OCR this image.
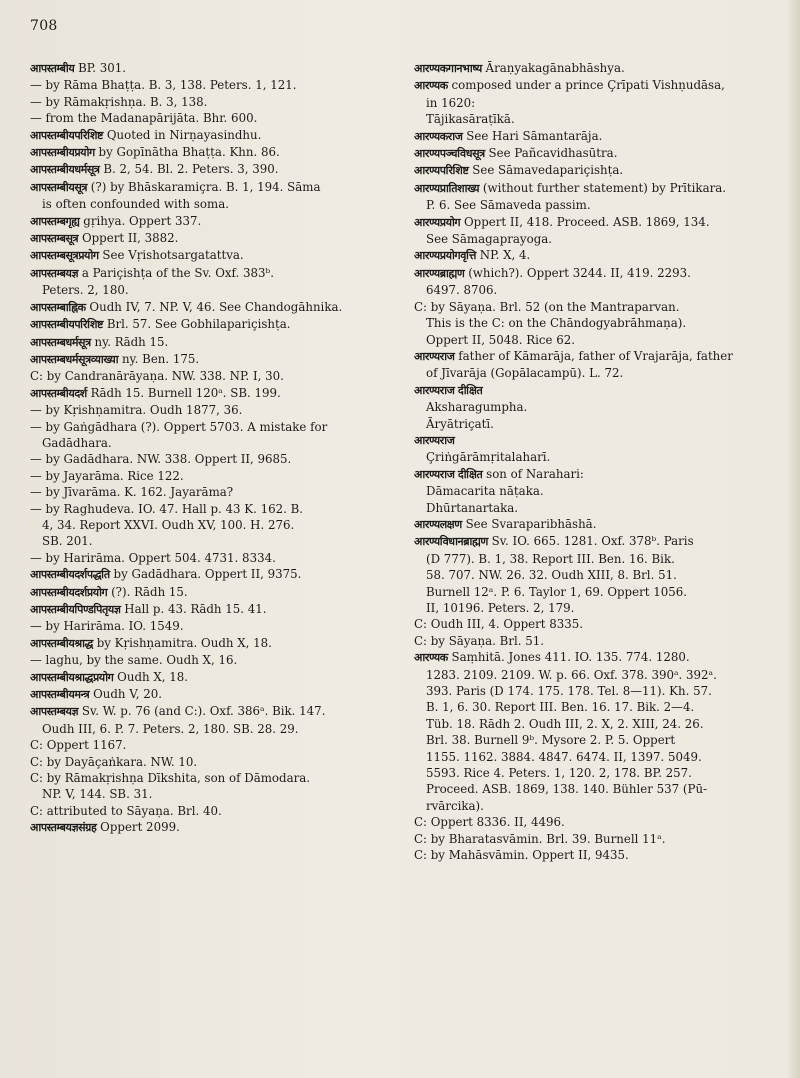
708
आपस्तम्बीय BP. 301.
— by Rāma Bhaṭṭa. B. 3, 138. Peters. 1, 121.
— by Rāmakṛishṇa. B. 3, 138.
— from the Madanapārijāta. Bhr. 600.
आपस्तम्बीयपरिशिष्ट Quoted in Nirṇayasindhu.
आपस्तम्बीयप्रयोग by Gopīnātha Bhaṭṭa. Khn. 86.
आपस्तम्बीयधर्मसूत्र B. 2, 54. Bl. 2. Peters. 3, 390.
आपस्तम्बीयसूत्र (?) by Bhāskaramiçra. B. 1, 194. Sāma
is often confounded with soma.
आपस्तम्बगृह्य gṛihya. Oppert 337.
आपस्तम्बसूत्र Oppert II, 3882.
आपस्तम्बसूत्रप्रयोग See Vṛishotsargatattva.
आपस्तम्बयज्ञ a Pariçishṭa of the Sv. Oxf. 383ᵇ.
Peters. 2, 180.
आपस्तम्बाह्निक Oudh IV, 7. NP. V, 46. See Chandogāhnika.
आपस्तम्बीयपरिशिष्ट Brl. 57. See Gobhilapariçishṭa.
आपस्तम्बधर्मसूत्र ny. Rādh 15.
आपस्तम्बधर्मसूत्रव्याख्या ny. Ben. 175.
C: by Candranārāyaṇa. NW. 338. NP. I, 30.
आपस्तम्बीयदर्श Rādh 15. Burnell 120ᵃ. SB. 199.
— by Kṛishṇamitra. Oudh 1877, 36.
— by Gaṅgādhara (?). Oppert 5703. A mistake for
Gadādhara.
— by Gadādhara. NW. 338. Oppert II, 9685.
— by Jayarāma. Rice 122.
— by Jīvarāma. K. 162. Jayarāma?
— by Raghudeva. IO. 47. Hall p. 43 K. 162. B.
4, 34. Report XXVI. Oudh XV, 100. H. 276.
SB. 201.
— by Harirāma. Oppert 504. 4731. 8334.
आपस्तम्बीयदर्शपद्धति by Gadādhara. Oppert II, 9375.
आपस्तम्बीयदर्शप्रयोग (?). Rādh 15.
आपस्तम्बीयपिण्डपितृयज्ञ Hall p. 43. Rādh 15. 41.
— by Harirāma. IO. 1549.
आपस्तम्बीयश्राद्ध by Kṛishṇamitra. Oudh X, 18.
— laghu, by the same. Oudh X, 16.
आपस्तम्बीयश्राद्धप्रयोग Oudh X, 18.
आपस्तम्बीयमन्त्र Oudh V, 20.
आपस्तम्बयज्ञ Sv. W. p. 76 (and C:). Oxf. 386ᵃ. Bik. 147.
Oudh III, 6. P. 7. Peters. 2, 180. SB. 28. 29.
C: Oppert 1167.
C: by Dayāçaṅkara. NW. 10.
C: by Rāmakṛishṇa Dīkshita, son of Dāmodara.
NP. V, 144. SB. 31.
C: attributed to Sāyaṇa. Brl. 40.
आपस्तम्बयज्ञसंग्रह Oppert 2099.
आरण्यकगानभाष्य Āraṇyakagānabhāshya.
आरण्यक composed under a prince Çrīpati Vishṇudāsa,
in 1620:
Tājikasāraṭīkā.
आरण्यकराज See Hari Sāmantarāja.
आरण्यपञ्चविधसूत्र See Pañcavidhasūtra.
आरण्यपरिशिष्ट See Sāmavedapariçishṭa.
आरण्यप्रातिशाख्य (without further statement) by Prītikara.
P. 6. See Sāmaveda passim.
आरण्यप्रयोग Oppert II, 418. Proceed. ASB. 1869, 134.
See Sāmagaprayoga.
आरण्यप्रयोगवृत्ति NP. X, 4.
आरण्यब्राह्मण (which?). Oppert 3244. II, 419. 2293.
6497. 8706.
C: by Sāyaṇa. Brl. 52 (on the Mantraparvan.
This is the C: on the Chāndogyabrāhmaṇa).
Oppert II, 5048. Rice 62.
आरण्यराज father of Kāmarāja, father of Vrajarāja, father
of Jīvarāja (Gopālacampū). L. 72.
आरण्यराज दीक्षित
Aksharagumpha.
Āryātriçatī.
आरण्यराज
Çriṅgārāmṛitalaharī.
आरण्यराज दीक्षित son of Narahari:
Dāmacarita nāṭaka.
Dhūrtanartaka.
आरण्यलक्षण See Svaraparibhāshā.
आरण्यविधानब्राह्मण Sv. IO. 665. 1281. Oxf. 378ᵇ. Paris
(D 777). B. 1, 38. Report III. Ben. 16. Bik.
58. 707. NW. 26. 32. Oudh XIII, 8. Brl. 51.
Burnell 12ᵃ. P. 6. Taylor 1, 69. Oppert 1056.
II, 10196. Peters. 2, 179.
C: Oudh III, 4. Oppert 8335.
C: by Sāyaṇa. Brl. 51.
आरण्यक Saṃhitā. Jones 411. IO. 135. 774. 1280.
1283. 2109. 2109. W. p. 66. Oxf. 378. 390ᵃ. 392ᵃ.
393. Paris (D 174. 175. 178. Tel. 8—11). Kh. 57.
B. 1, 6. 30. Report III. Ben. 16. 17. Bik. 2—4.
Tüb. 18. Rādh 2. Oudh III, 2. X, 2. XIII, 24. 26.
Brl. 38. Burnell 9ᵇ. Mysore 2. P. 5. Oppert
1155. 1162. 3884. 4847. 6474. II, 1397. 5049.
5593. Rice 4. Peters. 1, 120. 2, 178. BP. 257.
Proceed. ASB. 1869, 138. 140. Bühler 537 (Pū-
rvārcika).
C: Oppert 8336. II, 4496.
C: by Bharatasvāmin. Brl. 39. Burnell 11ᵃ.
C: by Mahāsvāmin. Oppert II, 9435.
